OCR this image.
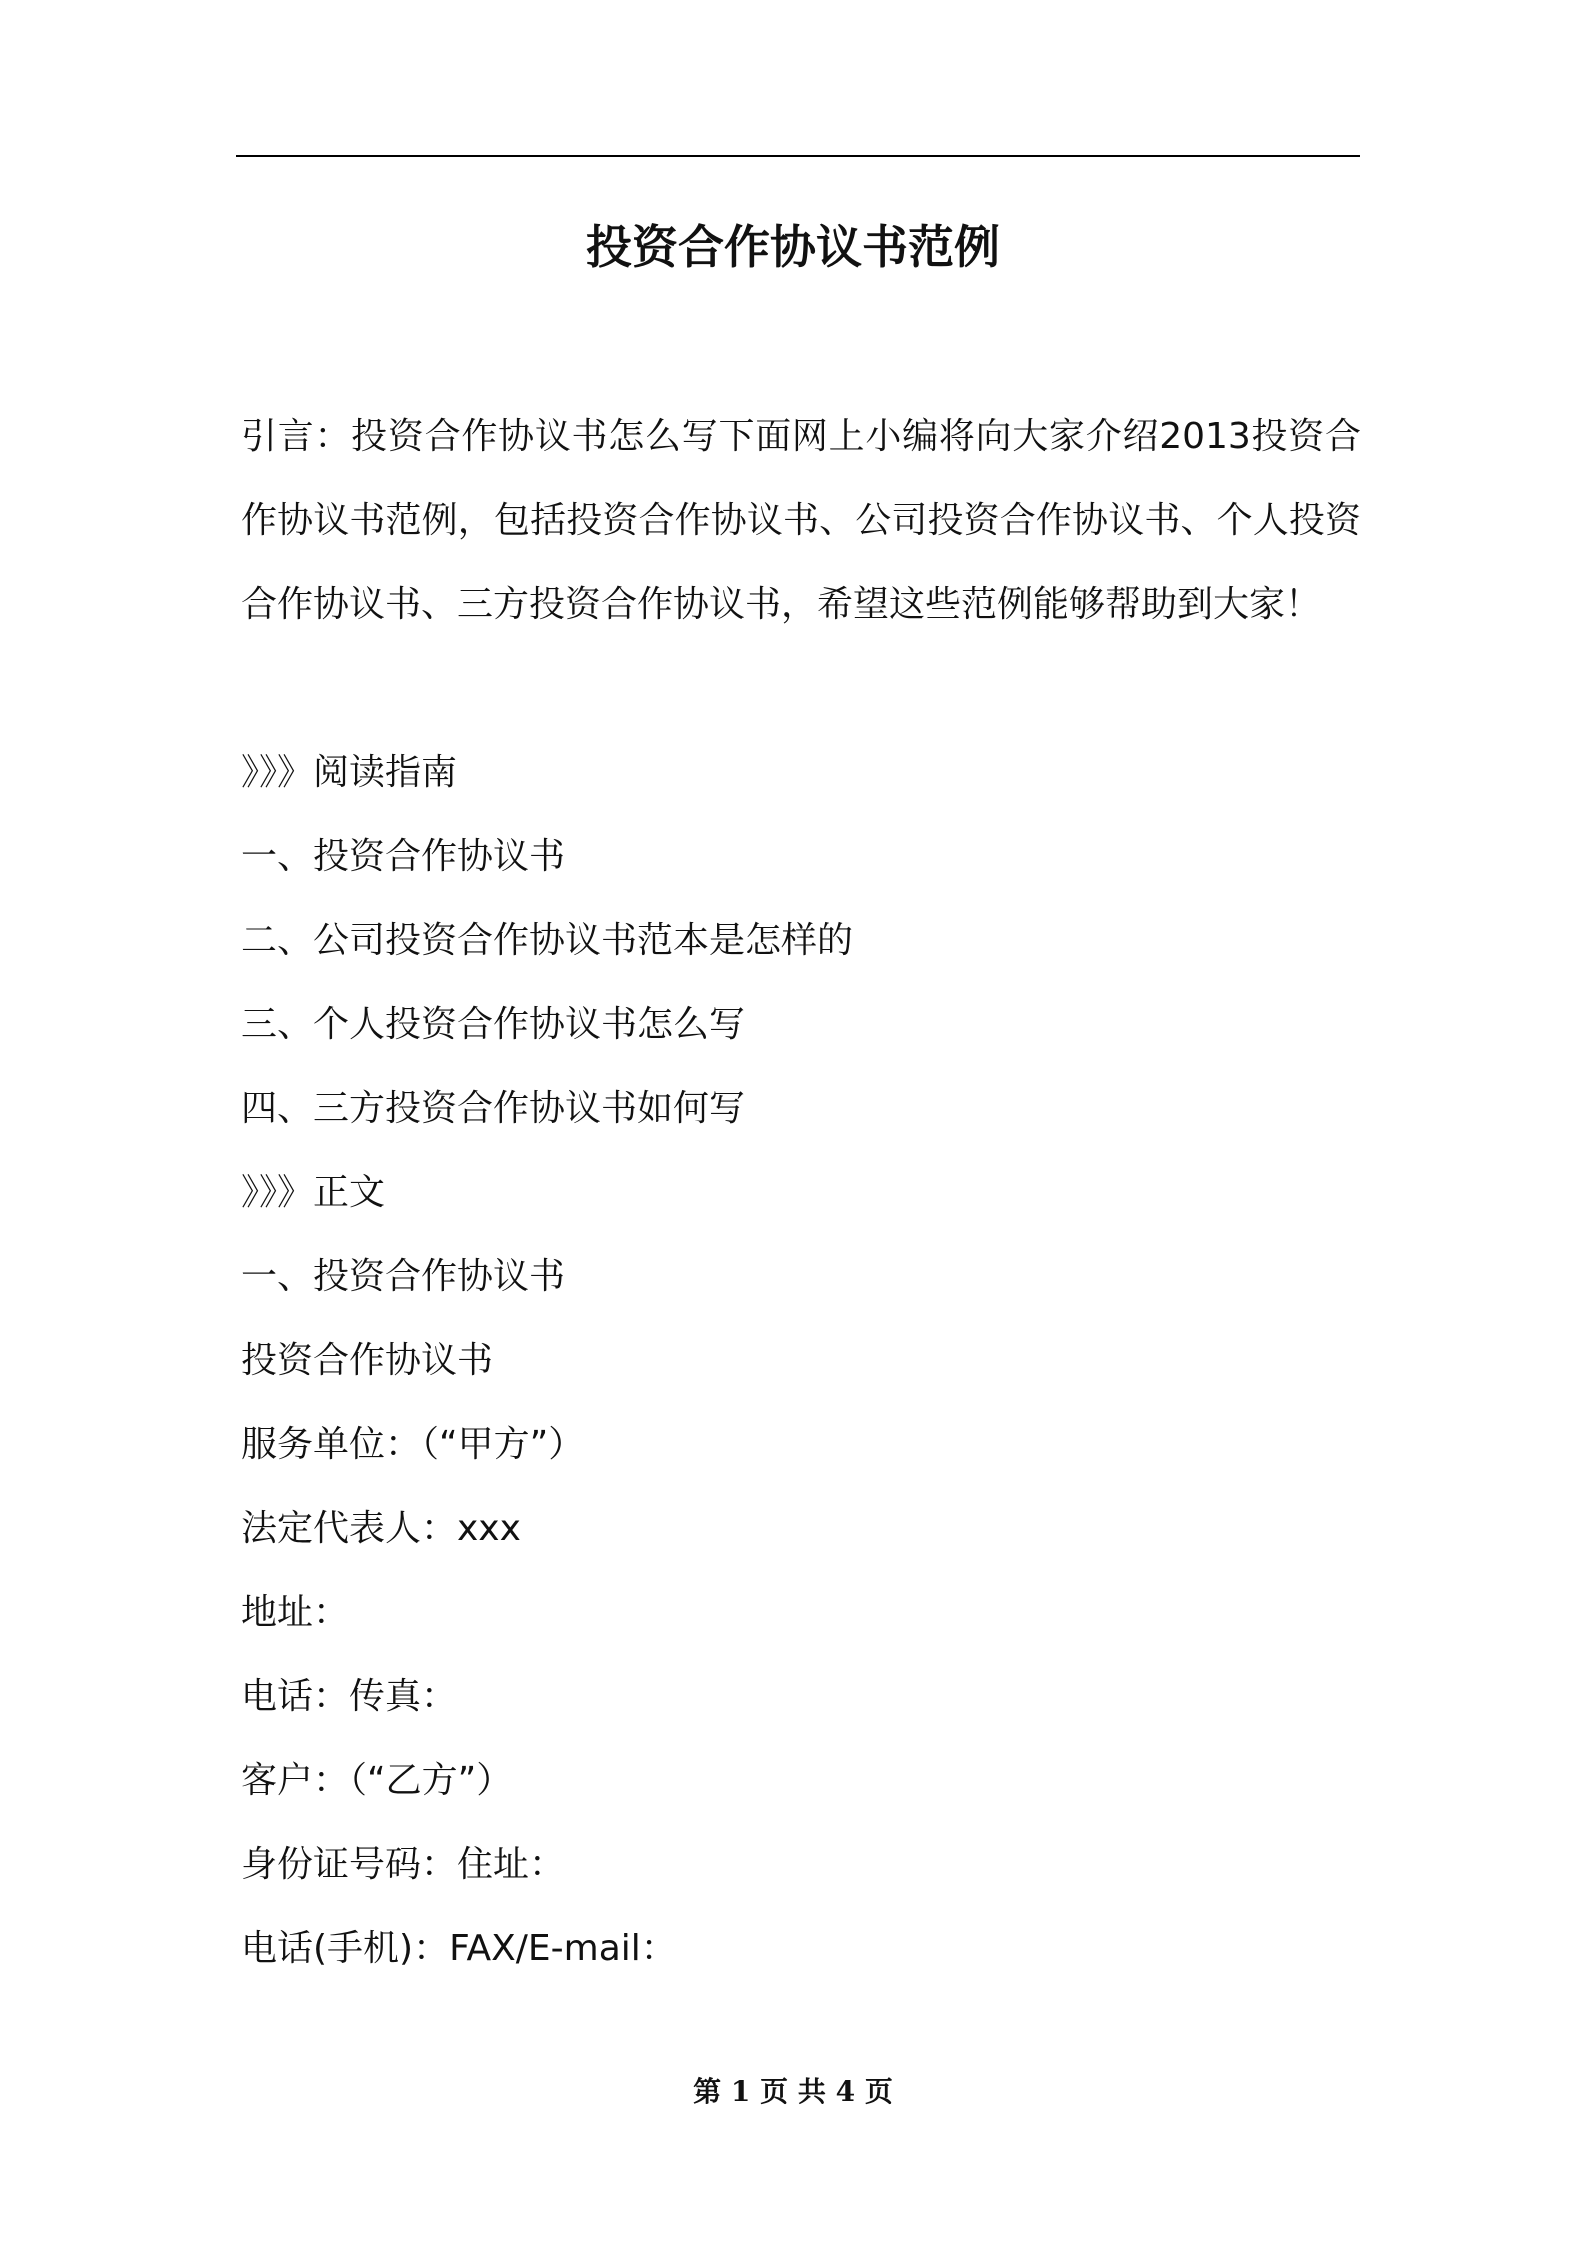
投资合作协议书范例

引言：投资合作协议书怎么写下面网上小编将向大家介绍2013投资合作协议书范例，包括投资合作协议书、公司投资合作协议书、个人投资合作协议书、三方投资合作协议书，希望这些范例能够帮助到大家！

》》》阅读指南
一、投资合作协议书
二、公司投资合作协议书范本是怎样的
三、个人投资合作协议书怎么写
四、三方投资合作协议书如何写
》》》正文
一、投资合作协议书
投资合作协议书
服务单位：（“甲方”）
法定代表人：xxx
地址：
电话：传真：
客户：（“乙方”）
身份证号码：住址：
电话(手机)：FAX/E-mail：
第 1 页 共 4 页
